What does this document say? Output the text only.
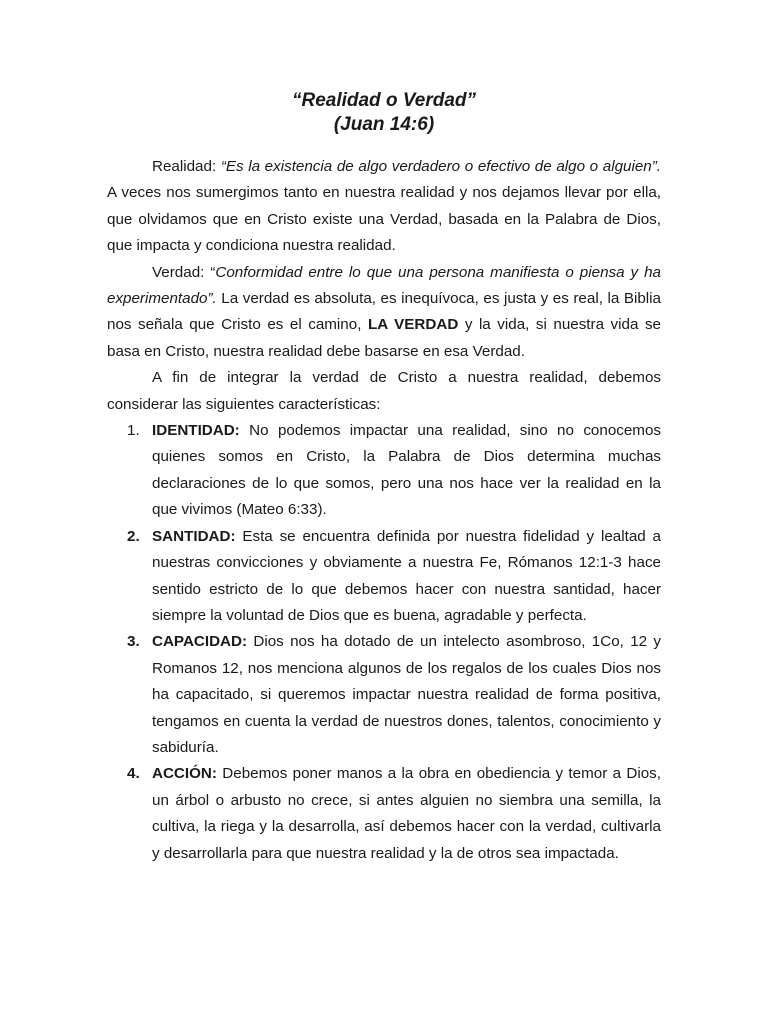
“Realidad o Verdad”
(Juan 14:6)

Realidad: “Es la existencia de algo verdadero o efectivo de algo o alguien”. A veces nos sumergimos tanto en nuestra realidad y nos dejamos llevar por ella, que olvidamos que en Cristo existe una Verdad, basada en la Palabra de Dios, que impacta y condiciona nuestra realidad.

Verdad: “Conformidad entre lo que una persona manifiesta o piensa y ha experimentado”. La verdad es absoluta, es inequívoca, es justa y es real, la Biblia nos señala que Cristo es el camino, LA VERDAD y la vida, si nuestra vida se basa en Cristo, nuestra realidad debe basarse en esa Verdad.

A fin de integrar la verdad de Cristo a nuestra realidad, debemos considerar las siguientes características:

1. IDENTIDAD: No podemos impactar una realidad, sino no conocemos quienes somos en Cristo, la Palabra de Dios determina muchas declaraciones de lo que somos, pero una nos hace ver la realidad en la que vivimos (Mateo 6:33).
2. SANTIDAD: Esta se encuentra definida por nuestra fidelidad y lealtad a nuestras convicciones y obviamente a nuestra Fe, Rómanos 12:1-3 hace sentido estricto de lo que debemos hacer con nuestra santidad, hacer siempre la voluntad de Dios que es buena, agradable y perfecta.
3. CAPACIDAD: Dios nos ha dotado de un intelecto asombroso, 1Co, 12 y Romanos 12, nos menciona algunos de los regalos de los cuales Dios nos ha capacitado, si queremos impactar nuestra realidad de forma positiva, tengamos en cuenta la verdad de nuestros dones, talentos, conocimiento y sabiduría.
4. ACCIÓN: Debemos poner manos a la obra en obediencia y temor a Dios, un árbol o arbusto no crece, si antes alguien no siembra una semilla, la cultiva, la riega y la desarrolla, así debemos hacer con la verdad, cultivarla y desarrollarla para que nuestra realidad y la de otros sea impactada.
